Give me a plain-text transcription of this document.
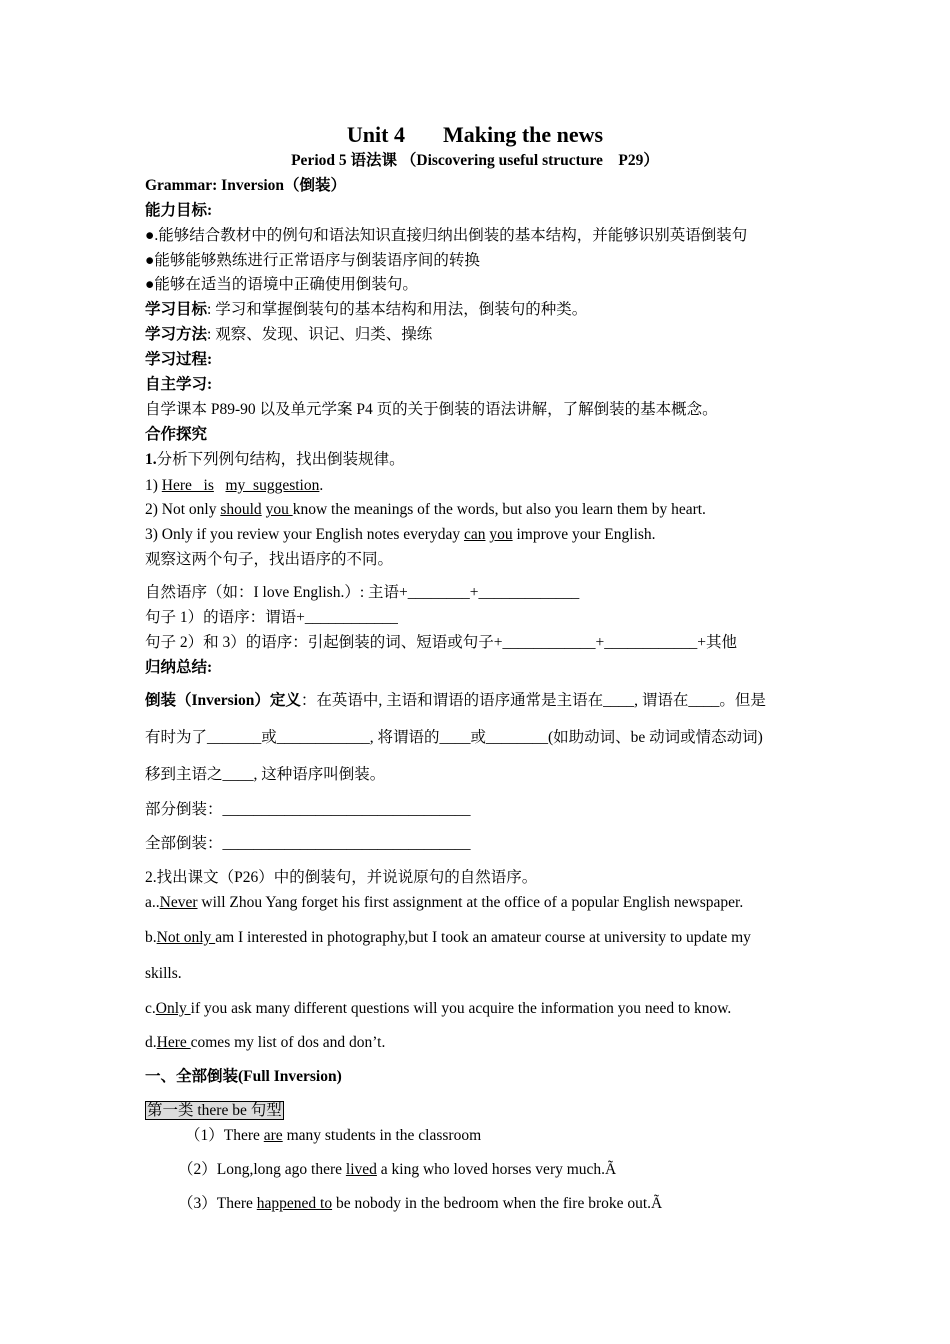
Unit 4 Making the news
Period 5 语法课 （Discovering useful structure　P29）
Grammar: Inversion（倒装）
能力目标:
●.能够结合教材中的例句和语法知识直接归纳出倒装的基本结构，并能够识别英语倒装句
●能够能够熟练进行正常语序与倒装语序间的转换
●能够在适当的语境中正确使用倒装句。
学习目标: 学习和掌握倒装句的基本结构和用法，倒装句的种类。
学习方法: 观察、发现、识记、归类、操练
学习过程:
自主学习:
自学课本 P89-90 以及单元学案 P4 页的关于倒装的语法讲解，了解倒装的基本概念。
合作探究
1.分析下列例句结构，找出倒装规律。
1) Here   is my  suggestion.
2) Not only should you know the meanings of the words, but also you learn them by heart.
3) Only if you review your English notes everyday can you improve your English.
观察这两个句子，找出语序的不同。
自然语序（如：I love English.）: 主语+________+_____________
句子 1）的语序：谓语+____________
句子 2）和 3）的语序：引起倒装的词、短语或句子+____________+____________+其他
归纳总结:
倒装（Inversion）定义：在英语中, 主语和谓语的语序通常是主语在____, 谓语在____。但是
有时为了_______或____________, 将谓语的____或________(如助动词、be 动词或情态动词)
移到主语之____, 这种语序叫倒装。
部分倒装：________________________________
全部倒装：________________________________
2.找出课文（P26）中的倒装句，并说说原句的自然语序。
a..Never will Zhou Yang forget his first assignment at the office of a popular English newspaper.
b.Not only am I interested in photography,but I took an amateur course at university to update my
skills.
c.Only if you ask many different questions will you acquire the information you need to know.
d.Here comes my list of dos and don’t.
一、全部倒装(Full Inversion)
第一类 there be 句型
（1）There are many students in the classroom
（2）Long,long ago there lived a king who loved horses very much.Ã
（3）There happened to be nobody in the bedroom when the fire broke out.Ã
